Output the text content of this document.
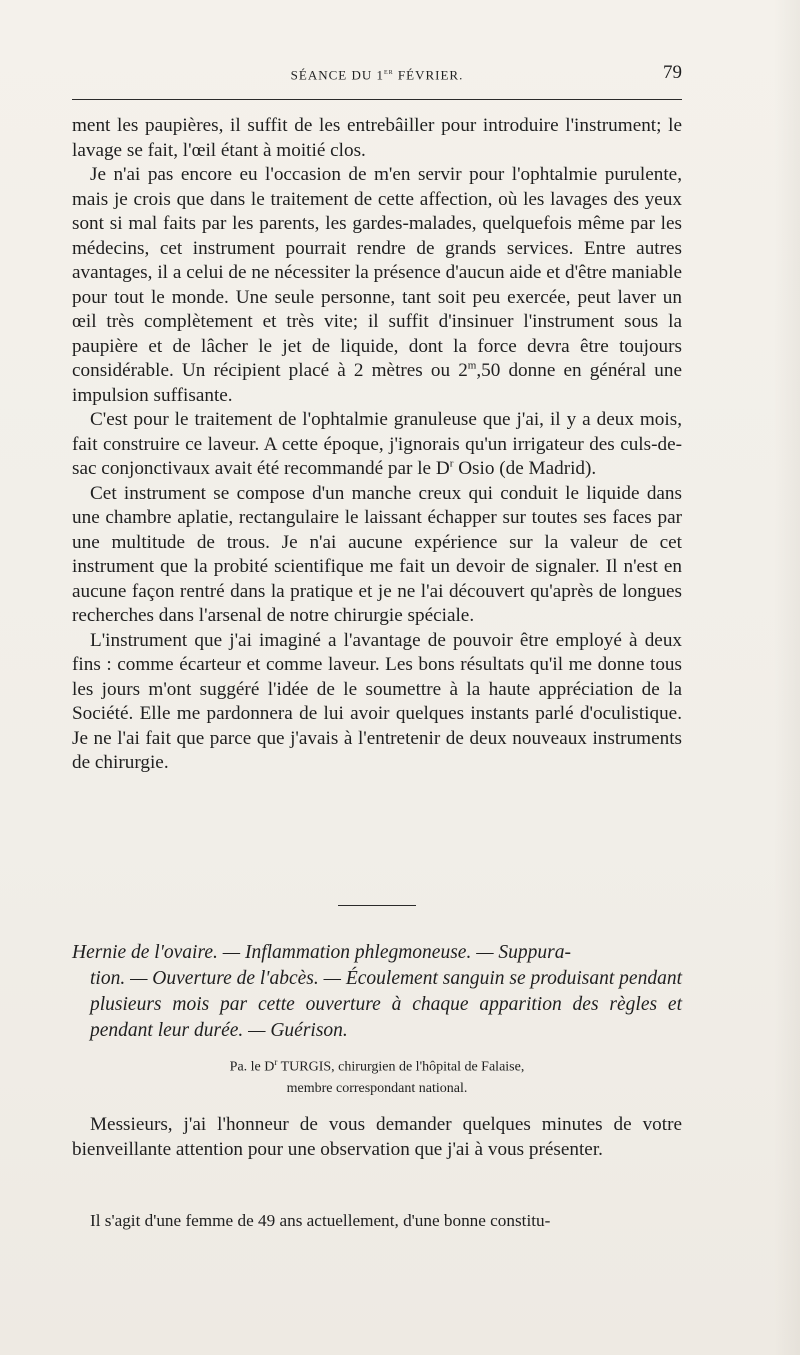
SÉANCE DU 1er FÉVRIER.	79

ment les paupières, il suffit de les entrebâiller pour introduire l'instrument; le lavage se fait, l'œil étant à moitié clos.

Je n'ai pas encore eu l'occasion de m'en servir pour l'ophtalmie purulente, mais je crois que dans le traitement de cette affection, où les lavages des yeux sont si mal faits par les parents, les gardes-malades, quelquefois même par les médecins, cet instrument pourrait rendre de grands services. Entre autres avantages, il a celui de ne nécessiter la présence d'aucun aide et d'être maniable pour tout le monde. Une seule personne, tant soit peu exercée, peut laver un œil très complètement et très vite; il suffit d'insinuer l'instrument sous la paupière et de lâcher le jet de liquide, dont la force devra être toujours considérable. Un récipient placé à 2 mètres ou 2$^m$,50 donne en général une impulsion suffisante.

C'est pour le traitement de l'ophtalmie granuleuse que j'ai, il y a deux mois, fait construire ce laveur. A cette époque, j'ignorais qu'un irrigateur des culs-de-sac conjonctivaux avait été recommandé par le $D^r$ Osio (de Madrid).

Cet instrument se compose d'un manche creux qui conduit le liquide dans une chambre aplatie, rectangulaire le laissant échapper sur toutes ses faces par une multitude de trous. Je n'ai aucune expérience sur la valeur de cet instrument que la probité scientifique me fait un devoir de signaler. Il n'est en aucune façon rentré dans la pratique et je ne l'ai découvert qu'après de longues recherches dans l'arsenal de notre chirurgie spéciale.

L'instrument que j'ai imaginé a l'avantage de pouvoir être employé à deux fins : comme écarteur et comme laveur. Les bons résultats qu'il me donne tous les jours m'ont suggéré l'idée de le soumettre à la haute appréciation de la Société. Elle me pardonnera de lui avoir quelques instants parlé d'oculistique. Je ne l'ai fait que parce que j'avais à l'entretenir de deux nouveaux instruments de chirurgie.

Hernie de l'ovaire. — Inflammation phlegmoneuse. — Suppura-
tion. — Ouverture de l'abcès. — Écoulement sanguin se produisant pendant plusieurs mois par cette ouverture à chaque apparition des règles et pendant leur durée. — Guérison.
Pa. le $D^r$ TURGIS, chirurgien de l'hôpital de Falaise,
membre correspondant national.

Messieurs, j'ai l'honneur de vous demander quelques minutes de votre bienveillante attention pour une observation que j'ai à vous présenter.

Il s'agit d'une femme de 49 ans actuellement, d'une bonne constitu-
